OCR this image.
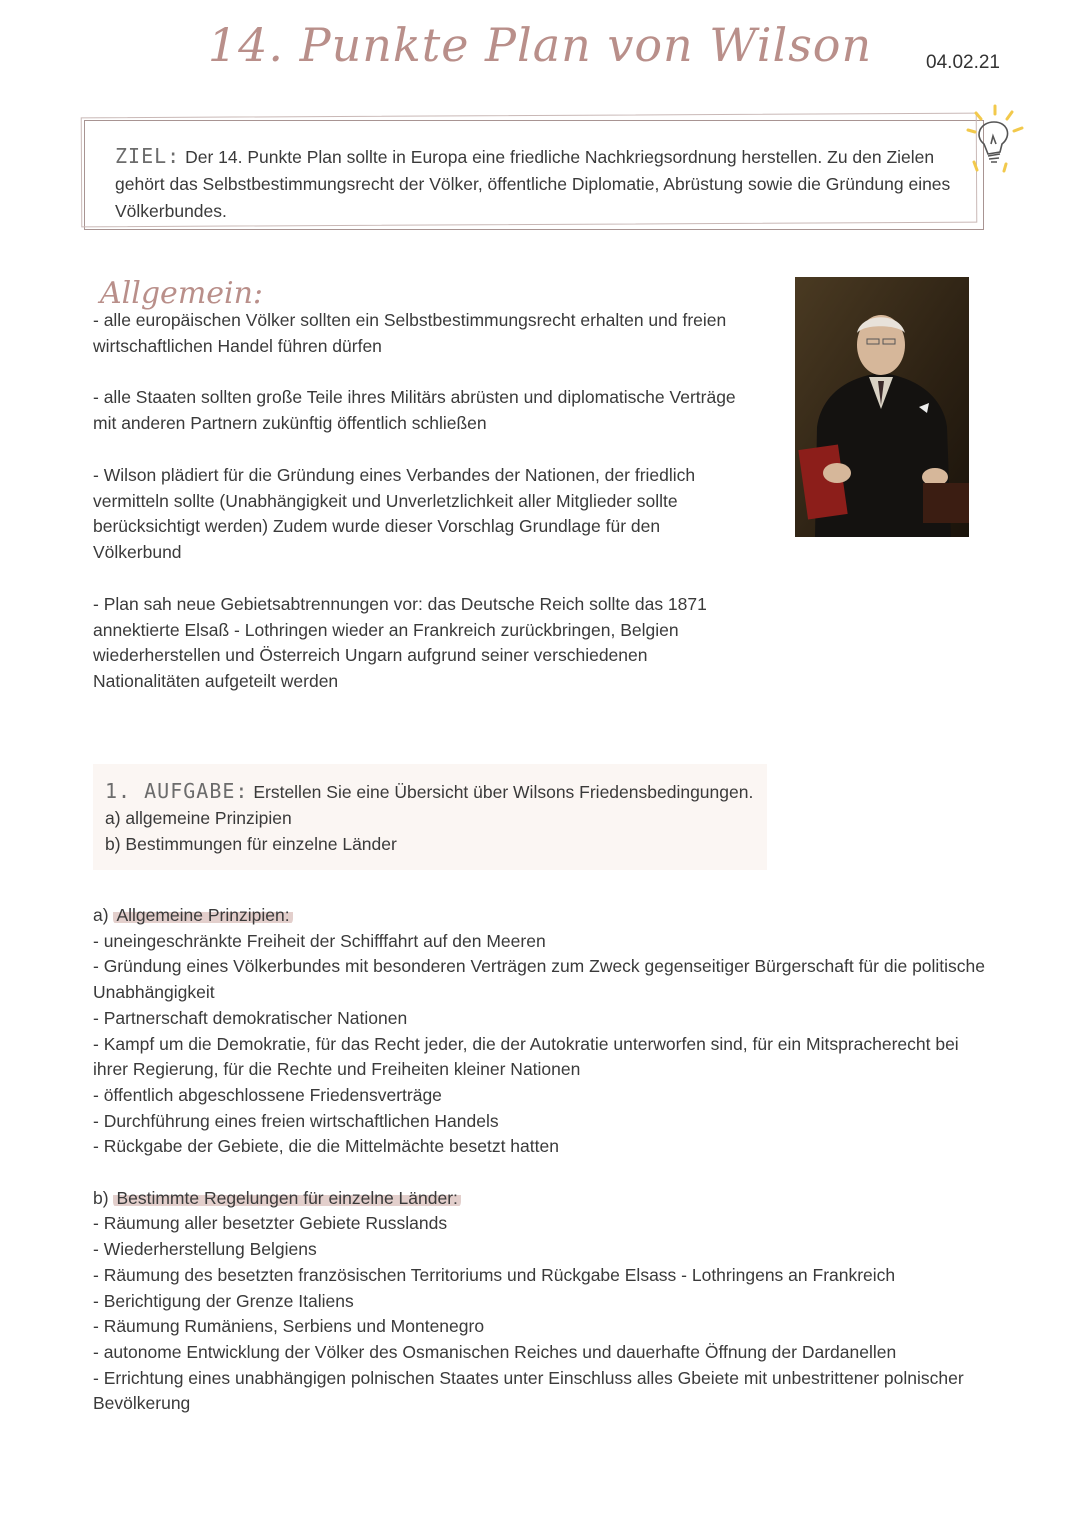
14. Punkte Plan von Wilson	04.02.21
ZIEL: Der 14. Punkte Plan sollte in Europa eine friedliche Nachkriegsordnung herstellen. Zu den Zielen gehört das Selbstbestimmungsrecht der Völker, öffentliche Diplomatie, Abrüstung sowie die Gründung eines Völkerbundes.
Allgemein:

- alle europäischen Völker sollten ein Selbstbestimmungsrecht erhalten und freien wirtschaftlichen Handel führen dürfen

- alle Staaten sollten große Teile ihres Militärs abrüsten und diplomatische Verträge mit anderen Partnern zukünftig öffentlich schließen

- Wilson plädiert für die Gründung eines Verbandes der Nationen, der friedlich vermitteln sollte (Unabhängigkeit und Unverletzlichkeit aller Mitglieder sollte berücksichtigt werden) Zudem wurde dieser Vorschlag Grundlage für den Völkerbund

- Plan sah neue Gebietsabtrennungen vor: das Deutsche Reich sollte das 1871 annektierte Elsaß - Lothringen wieder an Frankreich zurückbringen, Belgien wiederherstellen und Österreich Ungarn aufgrund seiner verschiedenen Nationalitäten aufgeteilt werden

1. AUFGABE: Erstellen Sie eine Übersicht über Wilsons Friedensbedingungen.
a) allgemeine Prinzipien
b) Bestimmungen für einzelne Länder
a) Allgemeine Prinzipien:
- uneingeschränkte Freiheit der Schifffahrt auf den Meeren
- Gründung eines Völkerbundes mit besonderen Verträgen zum Zweck gegenseitiger Bürgerschaft für die politische Unabhängigkeit
- Partnerschaft demokratischer Nationen
- Kampf um die Demokratie, für das Recht jeder, die der Autokratie unterworfen sind, für ein Mitspracherecht bei ihrer Regierung, für die Rechte und Freiheiten kleiner Nationen
- öffentlich abgeschlossene Friedensverträge
- Durchführung eines freien wirtschaftlichen Handels
- Rückgabe der Gebiete, die die Mittelmächte besetzt hatten
b) Bestimmte Regelungen für einzelne Länder:
- Räumung aller besetzter Gebiete Russlands
- Wiederherstellung Belgiens
- Räumung des besetzten französischen Territoriums und Rückgabe Elsass - Lothringens an Frankreich
- Berichtigung der Grenze Italiens
- Räumung Rumäniens, Serbiens und Montenegro
- autonome Entwicklung der Völker des Osmanischen Reiches und dauerhafte Öffnung der Dardanellen
- Errichtung eines unabhängigen polnischen Staates unter Einschluss alles Gbeiete mit unbestrittener polnischer Bevölkerung
